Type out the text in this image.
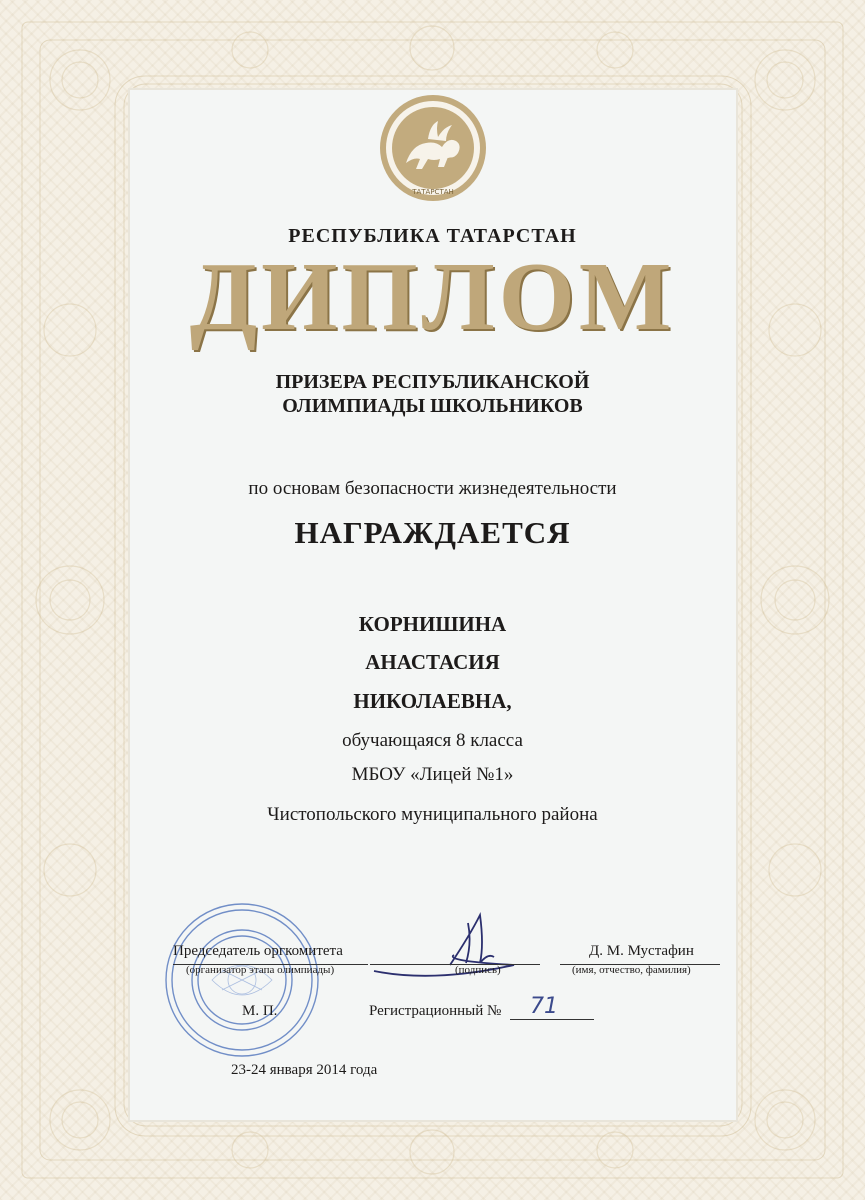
ТАТАРСТАН
РЕСПУБЛИКА ТАТАРСТАН
ДИПЛОМ
ПРИЗЕРА РЕСПУБЛИКАНСКОЙ
ОЛИМПИАДЫ ШКОЛЬНИКОВ
по основам безопасности жизнедеятельности
НАГРАЖДАЕТСЯ
КОРНИШИНА
АНАСТАСИЯ
НИКОЛАЕВНА,
обучающаяся 8 класса
МБОУ «Лицей №1»
Чистопольского муниципального района
Председатель оргкомитета
(организатор этапа олимпиады)	(подпись)
Д. М. Мустафин
(имя, отчество, фамилия)
М. П.	Регистрационный № 71
23-24 января 2014 года
